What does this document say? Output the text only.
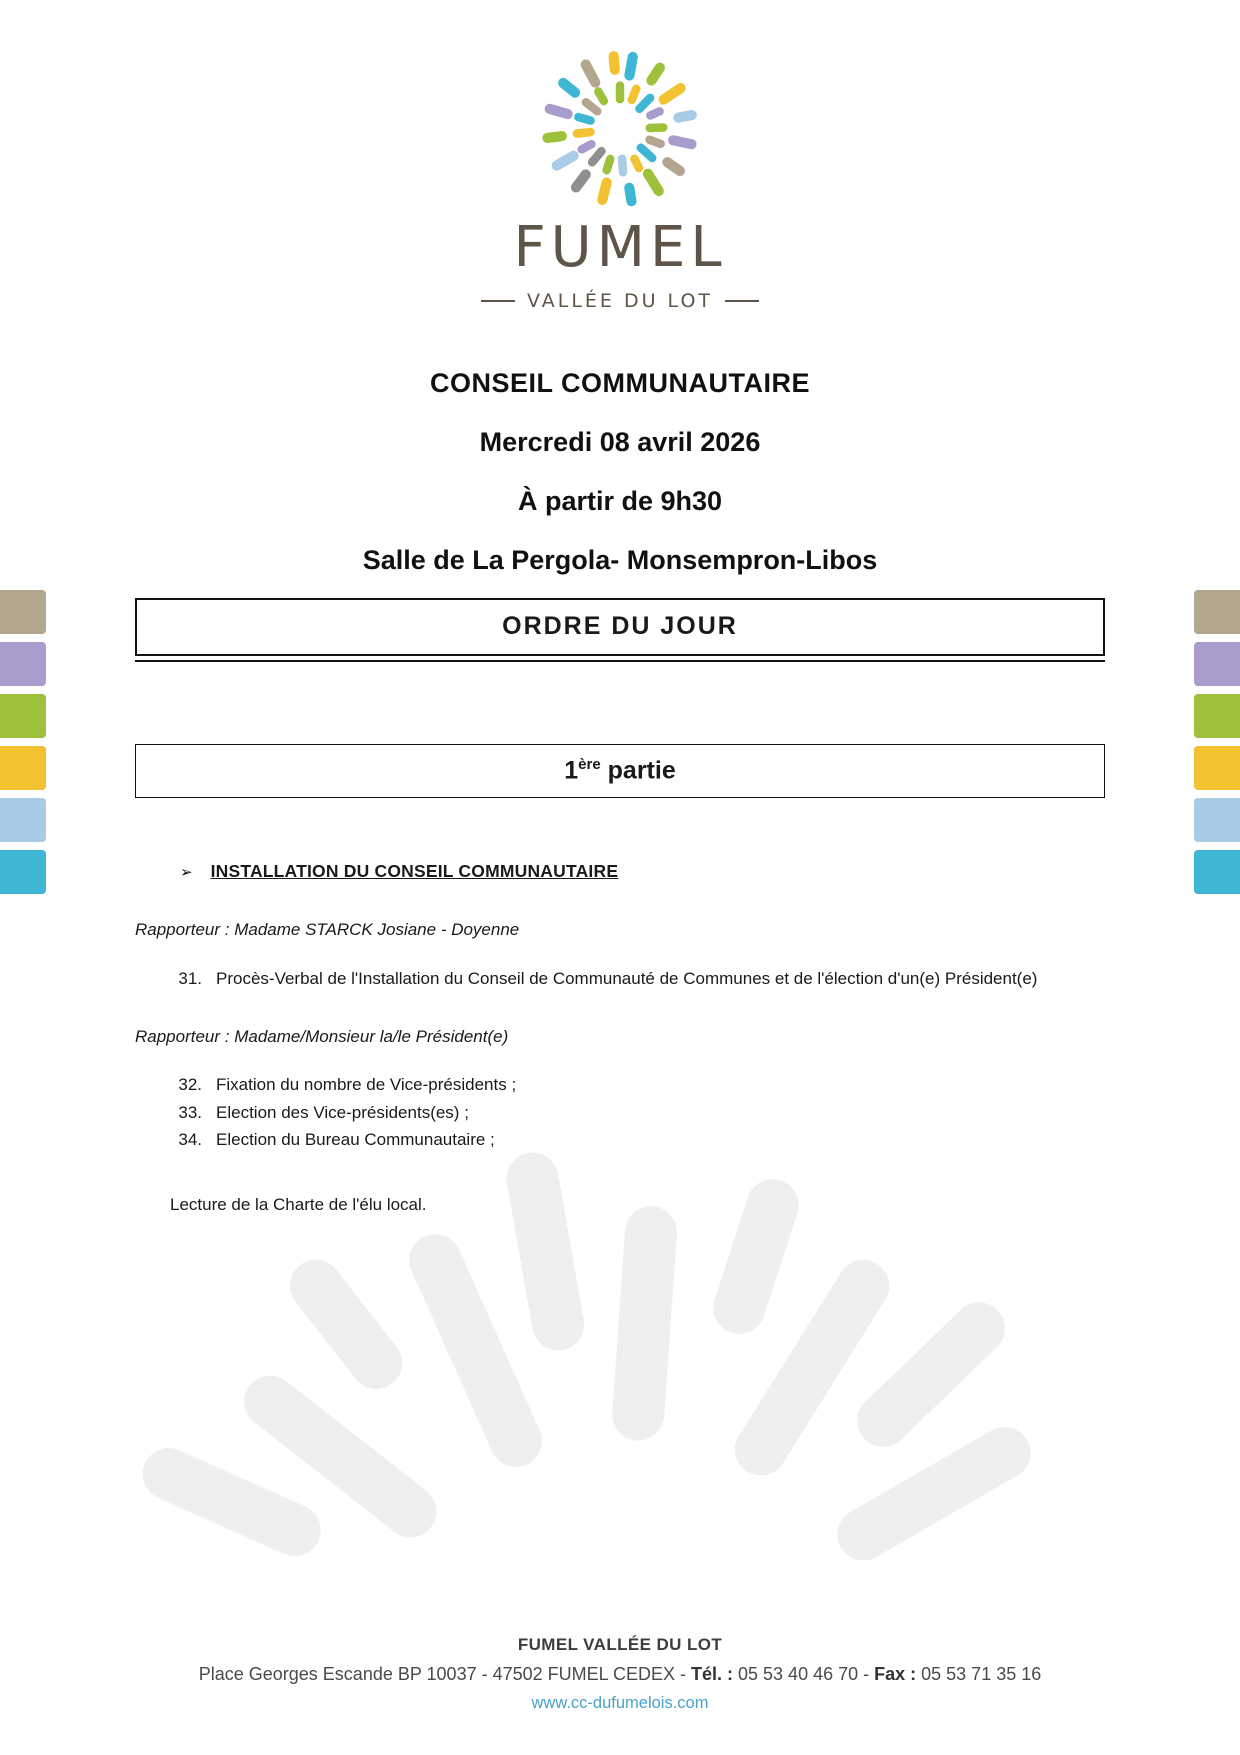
FUMEL
VALLÉE DU LOT
CONSEIL COMMUNAUTAIRE
Mercredi 08 avril 2026
À partir de 9h30
Salle de La Pergola- Monsempron-Libos
ORDRE DU JOUR
1ère partie
➢ INSTALLATION DU CONSEIL COMMUNAUTAIRE
Rapporteur : Madame STARCK Josiane - Doyenne
31. Procès-Verbal de l'Installation du Conseil de Communauté de Communes et de l'élection d'un(e) Président(e)
Rapporteur : Madame/Monsieur la/le Président(e)
32. Fixation du nombre de Vice-présidents ;
33. Election des Vice-présidents(es) ;
34. Election du Bureau Communautaire ;
Lecture de la Charte de l'élu local.
FUMEL VALLÉE DU LOT
Place Georges Escande BP 10037 - 47502 FUMEL CEDEX - Tél. : 05 53 40 46 70 - Fax : 05 53 71 35 16
www.cc-dufumelois.com
